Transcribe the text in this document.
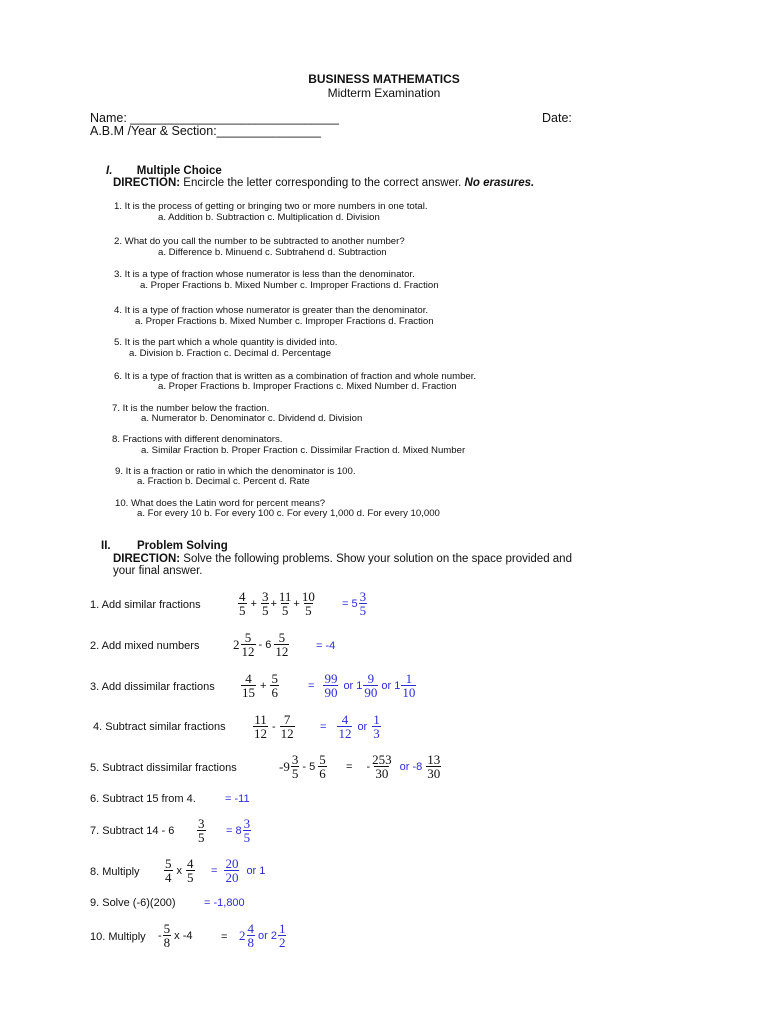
BUSINESS MATHEMATICS
Midterm Examination
Name: ______________________________	Date:
A.B.M /Year & Section:_______________
I. Multiple Choice
DIRECTION: Encircle the letter corresponding to the correct answer. No erasures.
1. It is the process of getting or bringing two or more numbers in one total.
a. Addition b. Subtraction c. Multiplication d. Division
2. What do you call the number to be subtracted to another number?
a. Difference b. Minuend c. Subtrahend d. Subtraction
3. It is a type of fraction whose numerator is less than the denominator.
a. Proper Fractions b. Mixed Number c. Improper Fractions d. Fraction
4. It is a type of fraction whose numerator is greater than the denominator.
a. Proper Fractions b. Mixed Number c. Improper Fractions d. Fraction
5. It is the part which a whole quantity is divided into.
a. Division b. Fraction c. Decimal d. Percentage
6. It is a type of fraction that is written as a combination of fraction and whole number.
a. Proper Fractions b. Improper Fractions c. Mixed Number d. Fraction
7. It is the number below the fraction.
a. Numerator b. Denominator c. Dividend d. Division
8. Fractions with different denominators.
a. Similar Fraction b. Proper Fraction c. Dissimilar Fraction d. Mixed Number
9. It is a fraction or ratio in which the denominator is 100.
a. Fraction b. Decimal c. Percent d. Rate
10. What does the Latin word for percent means?
a. For every 10 b. For every 100 c. For every 1,000 d. For every 10,000
II. Problem Solving
DIRECTION: Solve the following problems. Show your solution on the space provided and
your final answer.
1. Add similar fractions	$\frac{4}{5} + \frac{3}{5} + \frac{11}{5} + \frac{10}{5} = 5 \frac{3}{5}$
2. Add mixed numbers	$2 \frac{5}{12} - 6 \frac{5}{12} = -4$
3. Add dissimilar fractions $\frac{4}{15} + \frac{5}{6}$	= $\frac{99}{90}$ or $1 \frac{9}{90}$ or $1 \frac{1}{10}$
4. Subtract similar fractions $\frac{11}{12} - \frac{7}{12} = \frac{4}{12}$ or $\frac{1}{3}$
5. Subtract dissimilar fractions	$-9 \frac{3}{5} - 5 \frac{5}{6}$ = - $\frac{253}{30}$ or $-8 \frac{13}{30}$
6. Subtract 15 from 4.	= -11
7. Subtract $14 - 6 \frac{3}{5} = 8 \frac{3}{5}$
8. Multiply $\frac{5}{4}$ x $\frac{4}{5} = \frac{20}{20}$ or 1
9. Solve (-6)(200)	= -1,800
10. Multiply - $\frac{5}{8}$ x -4	= $2 \frac{4}{8}$ or $2 \frac{1}{2}$
